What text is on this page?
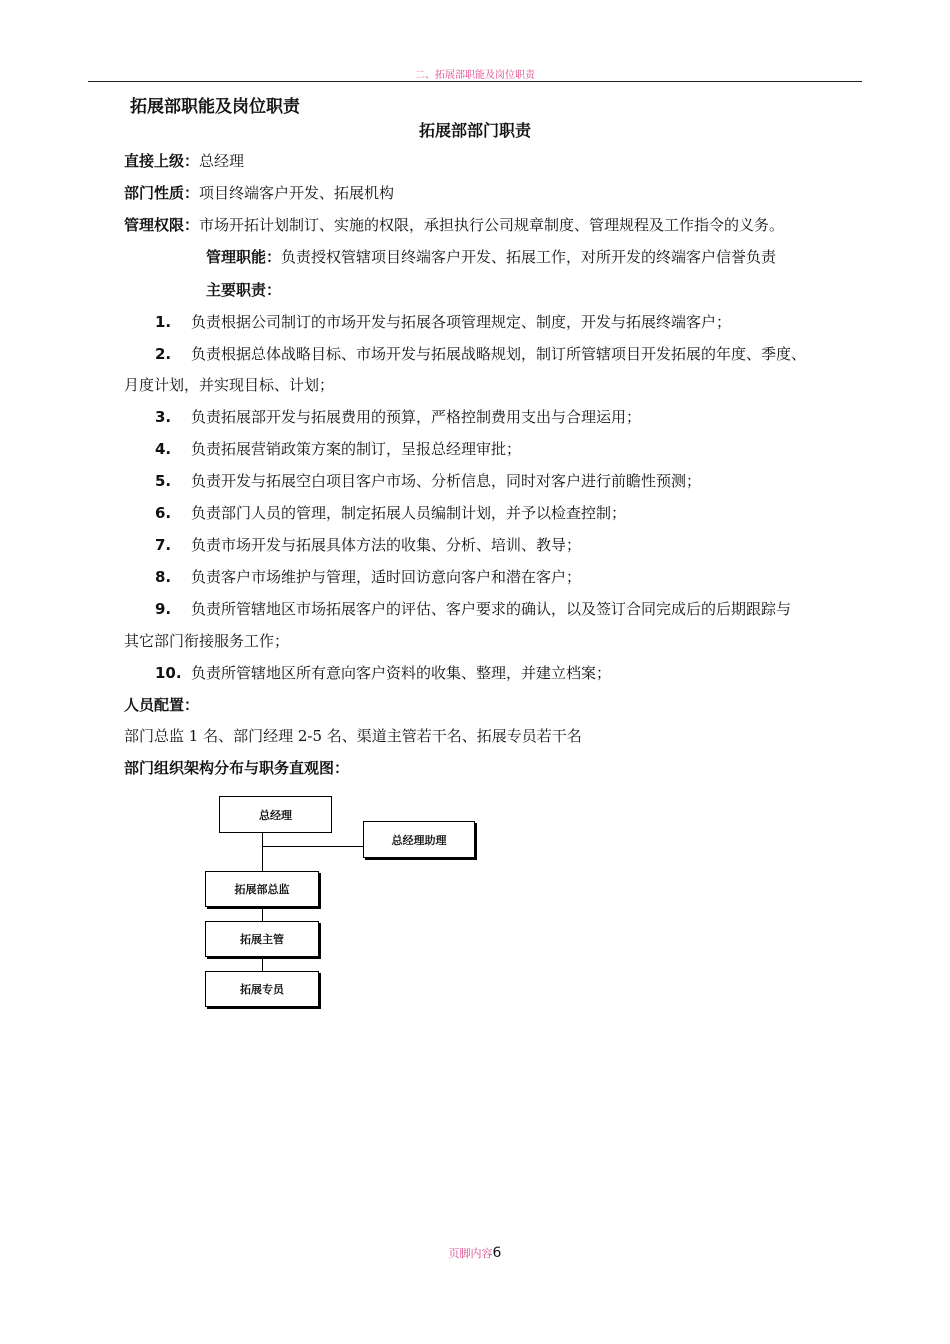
二、拓展部职能及岗位职责
拓展部职能及岗位职责
拓展部部门职责
直接上级：总经理
部门性质：项目终端客户开发、拓展机构
管理权限：市场开拓计划制订、实施的权限，承担执行公司规章制度、管理规程及工作指令的义务。
管理职能：负责授权管辖项目终端客户开发、拓展工作，对所开发的终端客户信誉负责
主要职责：
1. 负责根据公司制订的市场开发与拓展各项管理规定、制度，开发与拓展终端客户；
2. 负责根据总体战略目标、市场开发与拓展战略规划，制订所管辖项目开发拓展的年度、季度、
月度计划，并实现目标、计划；
3. 负责拓展部开发与拓展费用的预算，严格控制费用支出与合理运用；
4. 负责拓展营销政策方案的制订，呈报总经理审批；
5. 负责开发与拓展空白项目客户市场、分析信息，同时对客户进行前瞻性预测；
6. 负责部门人员的管理，制定拓展人员编制计划，并予以检查控制；
7. 负责市场开发与拓展具体方法的收集、分析、培训、教导；
8. 负责客户市场维护与管理，适时回访意向客户和潜在客户；
9. 负责所管辖地区市场拓展客户的评估、客户要求的确认，以及签订合同完成后的后期跟踪与
其它部门衔接服务工作；
10. 负责所管辖地区所有意向客户资料的收集、整理，并建立档案；
人员配置：
部门总监 1 名、部门经理 2-5 名、渠道主管若干名、拓展专员若干名
部门组织架构分布与职务直观图：
总经理
总经理助理
拓展部总监
拓展主管
拓展专员
页脚内容6
